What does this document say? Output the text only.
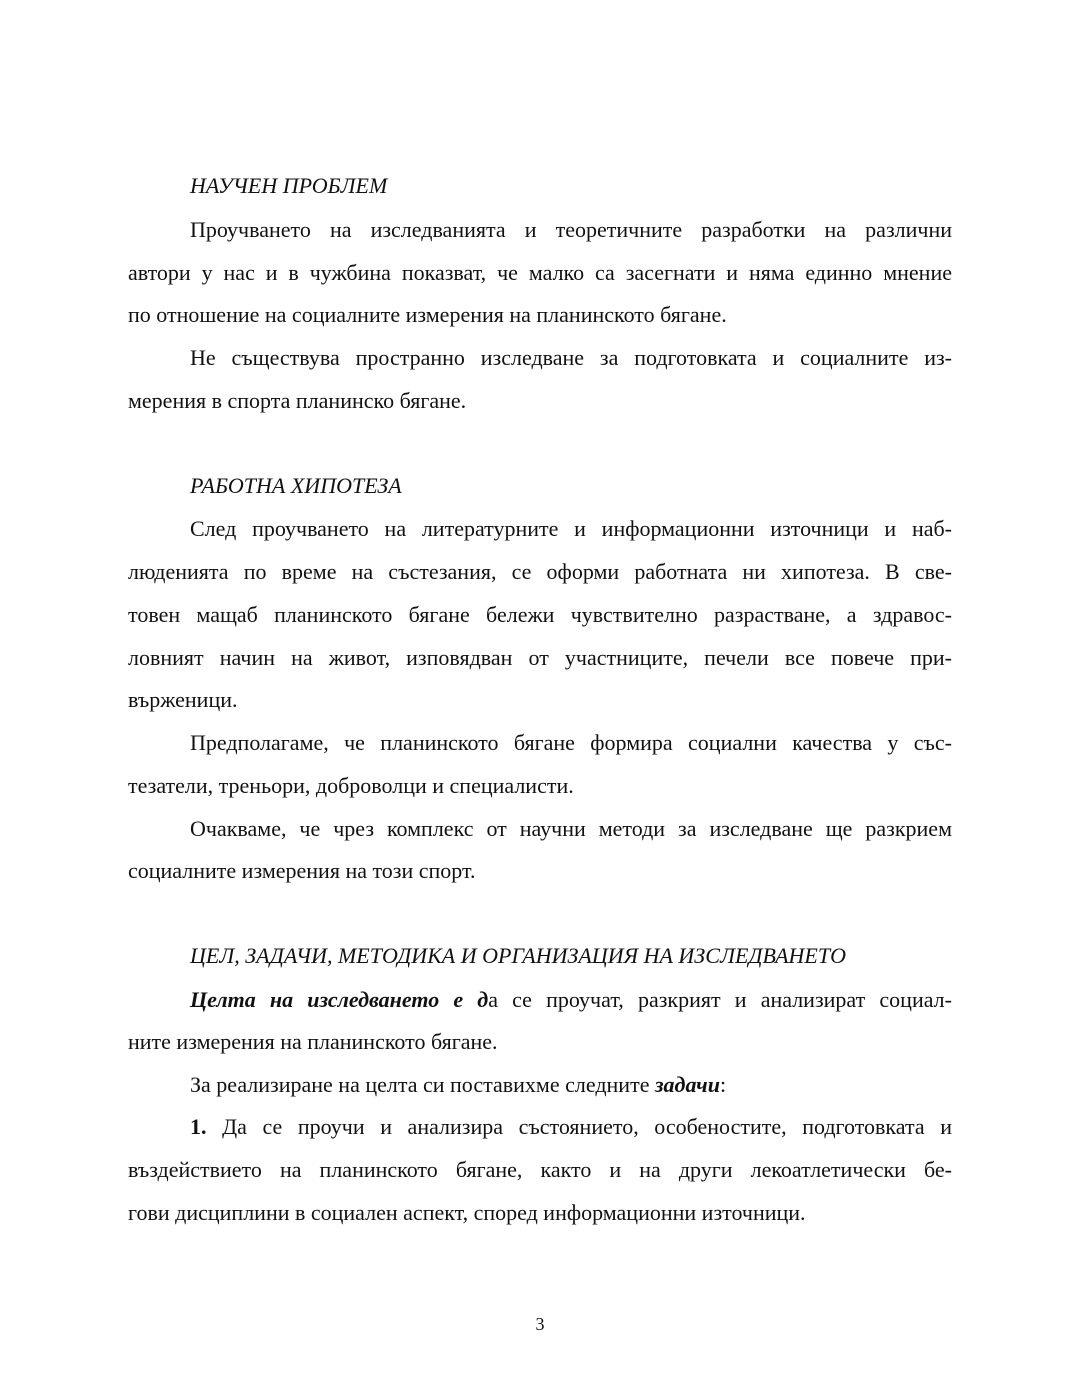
НАУЧЕН ПРОБЛЕМ
Проучването на изследванията и теоретичните разработки на различни
автори у нас и в чужбина показват, че малко са засегнати и няма единно мнение
по отношение на социалните измерения на планинското бягане.
Не съществува пространно изследване за подготовката и социалните из-
мерения в спорта планинско бягане.
РАБОТНА ХИПОТЕЗА
След проучването на литературните и информационни източници и наб-
люденията по време на състезания, се оформи работната ни хипотеза. В све-
товен мащаб планинското бягане бележи чувствително разрастване, а здравос-
ловният начин на живот, изповядван от участниците, печели все повече при-
върженици.
Предполагаме, че планинското бягане формира социални качества у със-
тезатели, треньори, доброволци и специалисти.
Очакваме, че чрез комплекс от научни методи за изследване ще разкрием
социалните измерения на този спорт.
ЦЕЛ, ЗАДАЧИ, МЕТОДИКА И ОРГАНИЗАЦИЯ НА ИЗСЛЕДВАНЕТО
Целта на изследването е да се проучат, разкрият и анализират социал-
ните измерения на планинското бягане.
За реализиране на целта си поставихме следните задачи:
1. Да се проучи и анализира състоянието, особеностите, подготовката и
въздействието на планинското бягане, както и на други лекоатлетически бе-
гови дисциплини в социален аспект, според информационни източници.
3
